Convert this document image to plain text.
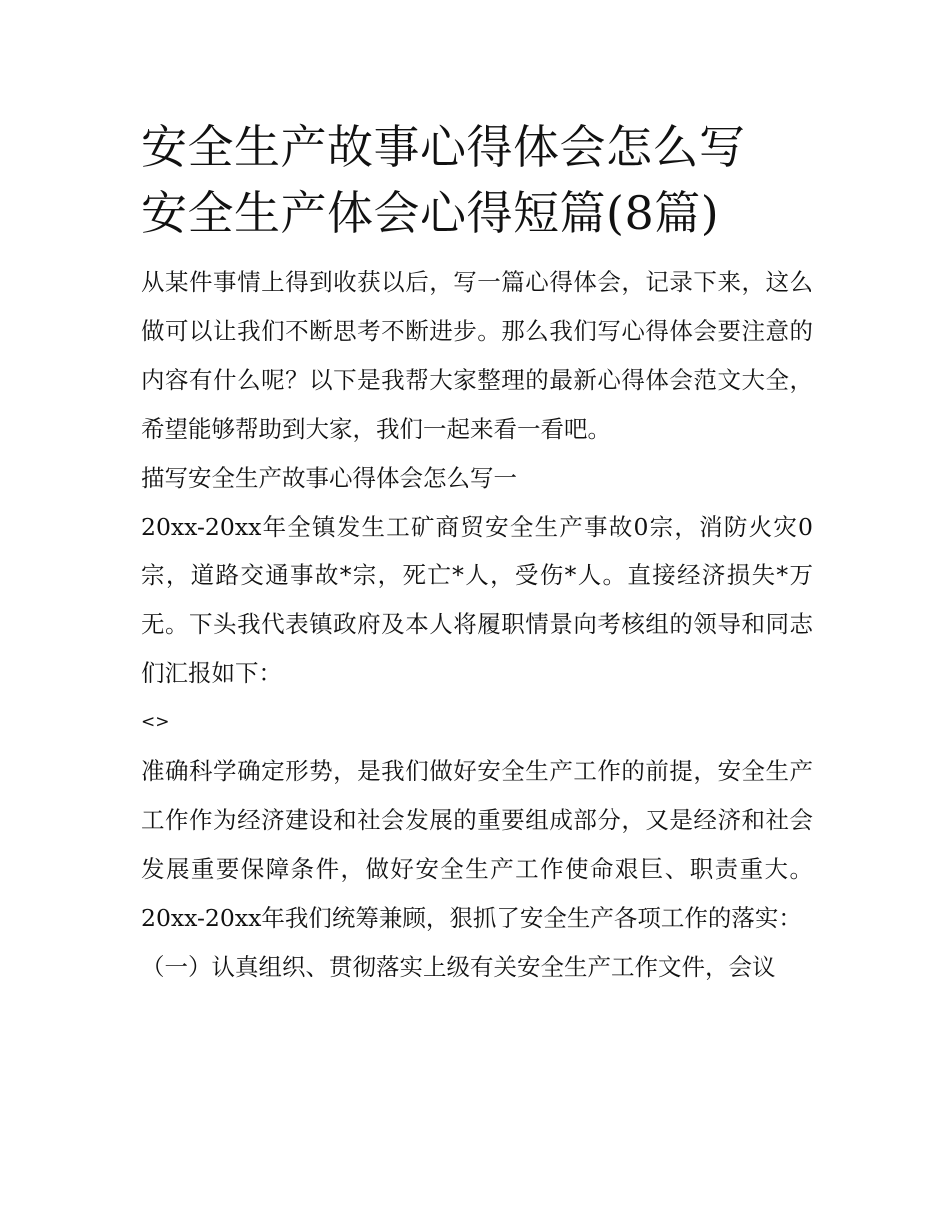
安全生产故事心得体会怎么写
安全生产体会心得短篇(8篇)

从某件事情上得到收获以后，写一篇心得体会，记录下来，这么做可以让我们不断思考不断进步。那么我们写心得体会要注意的内容有什么呢？以下是我帮大家整理的最新心得体会范文大全，希望能够帮助到大家，我们一起来看一看吧。

描写安全生产故事心得体会怎么写一

20xx-20xx年全镇发生工矿商贸安全生产事故0宗，消防火灾0宗，道路交通事故*宗，死亡*人，受伤*人。直接经济损失*万无。下头我代表镇政府及本人将履职情景向考核组的领导和同志们汇报如下：

<>

准确科学确定形势，是我们做好安全生产工作的前提，安全生产工作作为经济建设和社会发展的重要组成部分，又是经济和社会发展重要保障条件，做好安全生产工作使命艰巨、职责重大。20xx-20xx年我们统筹兼顾，狠抓了安全生产各项工作的落实：

（一）认真组织、贯彻落实上级有关安全生产工作文件，会议
